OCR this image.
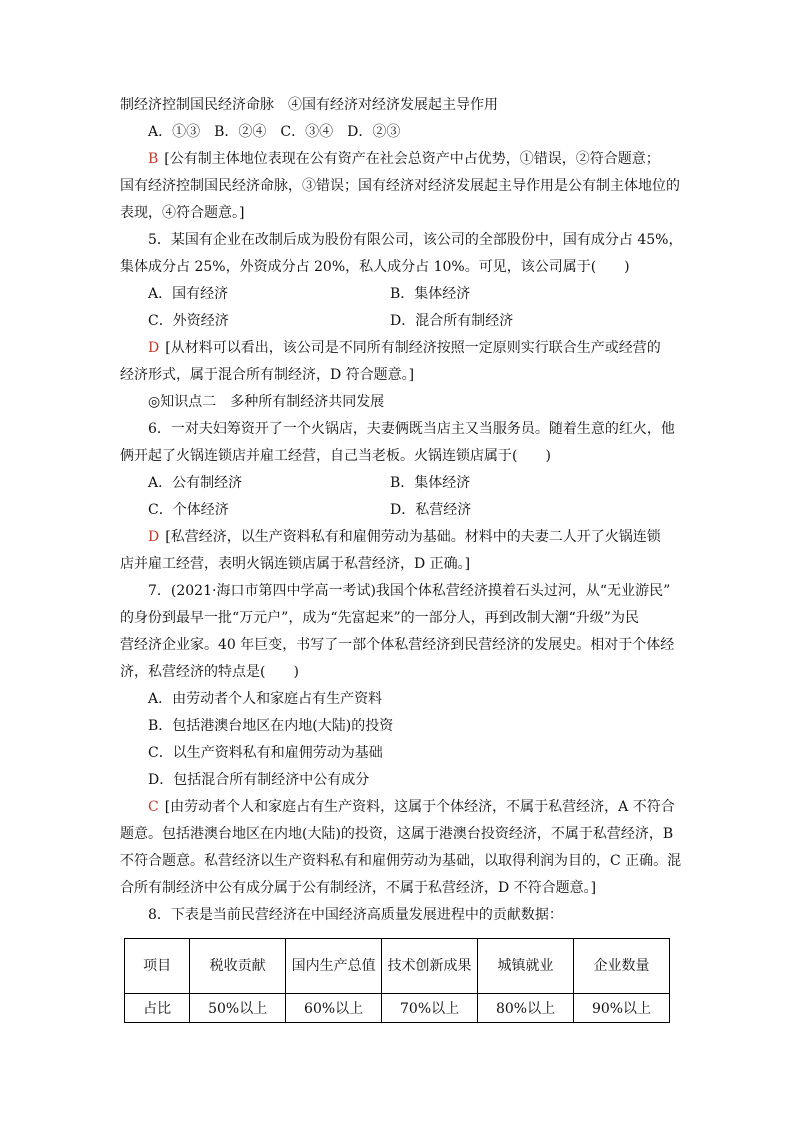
制经济控制国民经济命脉　④国有经济对经济发展起主导作用
A．①③　B．②④　C．③④　D．②③
B [公有制主体地位表现在公有资产在社会总资产中占优势，①错误，②符合题意；
国有经济控制国民经济命脉，③错误；国有经济对经济发展起主导作用是公有制主体地位的
表现，④符合题意。]
5．某国有企业在改制后成为股份有限公司，该公司的全部股份中，国有成分占 45%，
集体成分占 25%，外资成分占 20%，私人成分占 10%。可见，该公司属于(　　)
A．国有经济	B．集体经济
C．外资经济	D．混合所有制经济
D [从材料可以看出，该公司是不同所有制经济按照一定原则实行联合生产或经营的
经济形式，属于混合所有制经济，D 符合题意。]
◎知识点二　多种所有制经济共同发展
6．一对夫妇筹资开了一个火锅店，夫妻俩既当店主又当服务员。随着生意的红火，他
俩开起了火锅连锁店并雇工经营，自己当老板。火锅连锁店属于(　　)
A．公有制经济	B．集体经济
C．个体经济	D．私营经济
D [私营经济，以生产资料私有和雇佣劳动为基础。材料中的夫妻二人开了火锅连锁
店并雇工经营，表明火锅连锁店属于私营经济，D 正确。]
7．(2021·海口市第四中学高一考试)我国个体私营经济摸着石头过河，从“无业游民”
的身份到最早一批“万元户”，成为“先富起来”的一部分人，再到改制大潮“升级”为民
营经济企业家。40 年巨变，书写了一部个体私营经济到民营经济的发展史。相对于个体经
济，私营经济的特点是(　　)
A．由劳动者个人和家庭占有生产资料
B．包括港澳台地区在内地(大陆)的投资
C．以生产资料私有和雇佣劳动为基础
D．包括混合所有制经济中公有成分
C [由劳动者个人和家庭占有生产资料，这属于个体经济，不属于私营经济，A 不符合
题意。包括港澳台地区在内地(大陆)的投资，这属于港澳台投资经济，不属于私营经济，B
不符合题意。私营经济以生产资料私有和雇佣劳动为基础，以取得利润为目的，C 正确。混
合所有制经济中公有成分属于公有制经济，不属于私营经济，D 不符合题意。]
8．下表是当前民营经济在中国经济高质量发展进程中的贡献数据：
项目	税收贡献	国内生产总值	技术创新成果	城镇就业	企业数量
占比	50%以上	60%以上	70%以上	80%以上	90%以上
